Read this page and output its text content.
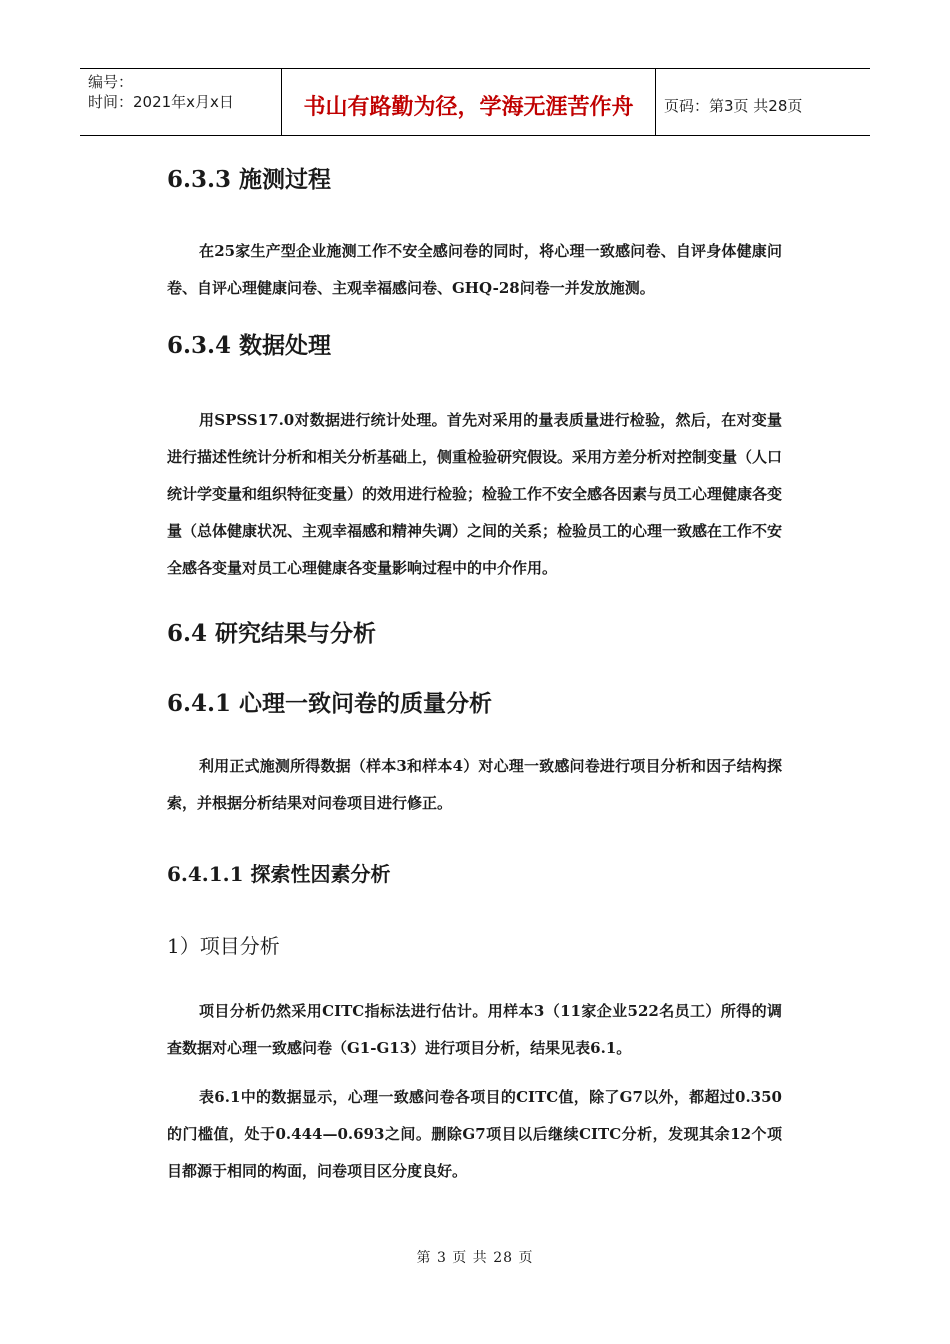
编号：
时间：2021年x月x日	书山有路勤为径，学海无涯苦作舟	页码：第3页 共28页
6.3.3 施测过程

在25家生产型企业施测工作不安全感问卷的同时，将心理一致感问卷、自评身体健康问卷、自评心理健康问卷、主观幸福感问卷、GHQ-28问卷一并发放施测。

6.3.4 数据处理

用SPSS17.0对数据进行统计处理。首先对采用的量表质量进行检验，然后，在对变量进行描述性统计分析和相关分析基础上，侧重检验研究假设。采用方差分析对控制变量（人口统计学变量和组织特征变量）的效用进行检验；检验工作不安全感各因素与员工心理健康各变量（总体健康状况、主观幸福感和精神失调）之间的关系；检验员工的心理一致感在工作不安全感各变量对员工心理健康各变量影响过程中的中介作用。

6.4 研究结果与分析
6.4.1 心理一致问卷的质量分析

利用正式施测所得数据（样本3和样本4）对心理一致感问卷进行项目分析和因子结构探索，并根据分析结果对问卷项目进行修正。

6.4.1.1 探索性因素分析
1）项目分析

项目分析仍然采用CITC指标法进行估计。用样本3（11家企业522名员工）所得的调查数据对心理一致感问卷（G1-G13）进行项目分析，结果见表6.1。

表6.1中的数据显示，心理一致感问卷各项目的CITC值，除了G7以外，都超过0.350的门槛值，处于0.444—0.693之间。删除G7项目以后继续CITC分析，发现其余12个项目都源于相同的构面，问卷项目区分度良好。

第 3 页 共 28 页
